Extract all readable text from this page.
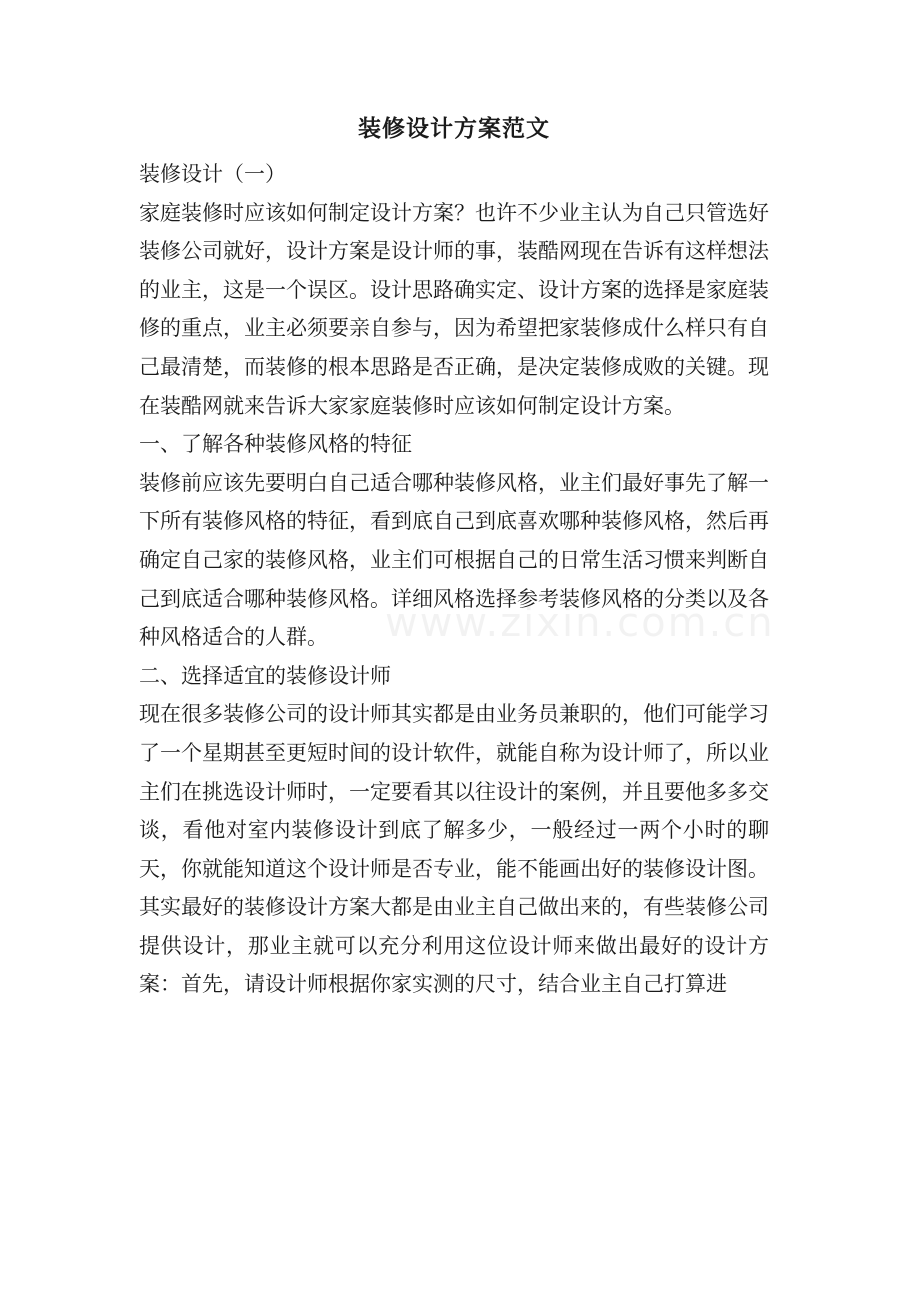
www.zixin.com.cn
装修设计方案范文

装修设计（一）

家庭装修时应该如何制定设计方案？也许不少业主认为自己只管选好装修公司就好，设计方案是设计师的事，装酷网现在告诉有这样想法的业主，这是一个误区。设计思路确实定、设计方案的选择是家庭装修的重点，业主必须要亲自参与，因为希望把家装修成什么样只有自己最清楚，而装修的根本思路是否正确，是决定装修成败的关键。现在装酷网就来告诉大家家庭装修时应该如何制定设计方案。

一、了解各种装修风格的特征

装修前应该先要明白自己适合哪种装修风格，业主们最好事先了解一下所有装修风格的特征，看到底自己到底喜欢哪种装修风格，然后再确定自己家的装修风格，业主们可根据自己的日常生活习惯来判断自己到底适合哪种装修风格。详细风格选择参考装修风格的分类以及各种风格适合的人群。

二、选择适宜的装修设计师

现在很多装修公司的设计师其实都是由业务员兼职的，他们可能学习了一个星期甚至更短时间的设计软件，就能自称为设计师了，所以业主们在挑选设计师时，一定要看其以往设计的案例，并且要他多多交谈，看他对室内装修设计到底了解多少，一般经过一两个小时的聊天，你就能知道这个设计师是否专业，能不能画出好的装修设计图。

其实最好的装修设计方案大都是由业主自己做出来的，有些装修公司提供设计，那业主就可以充分利用这位设计师来做出最好的设计方案：首先，请设计师根据你家实测的尺寸，结合业主自己打算进
